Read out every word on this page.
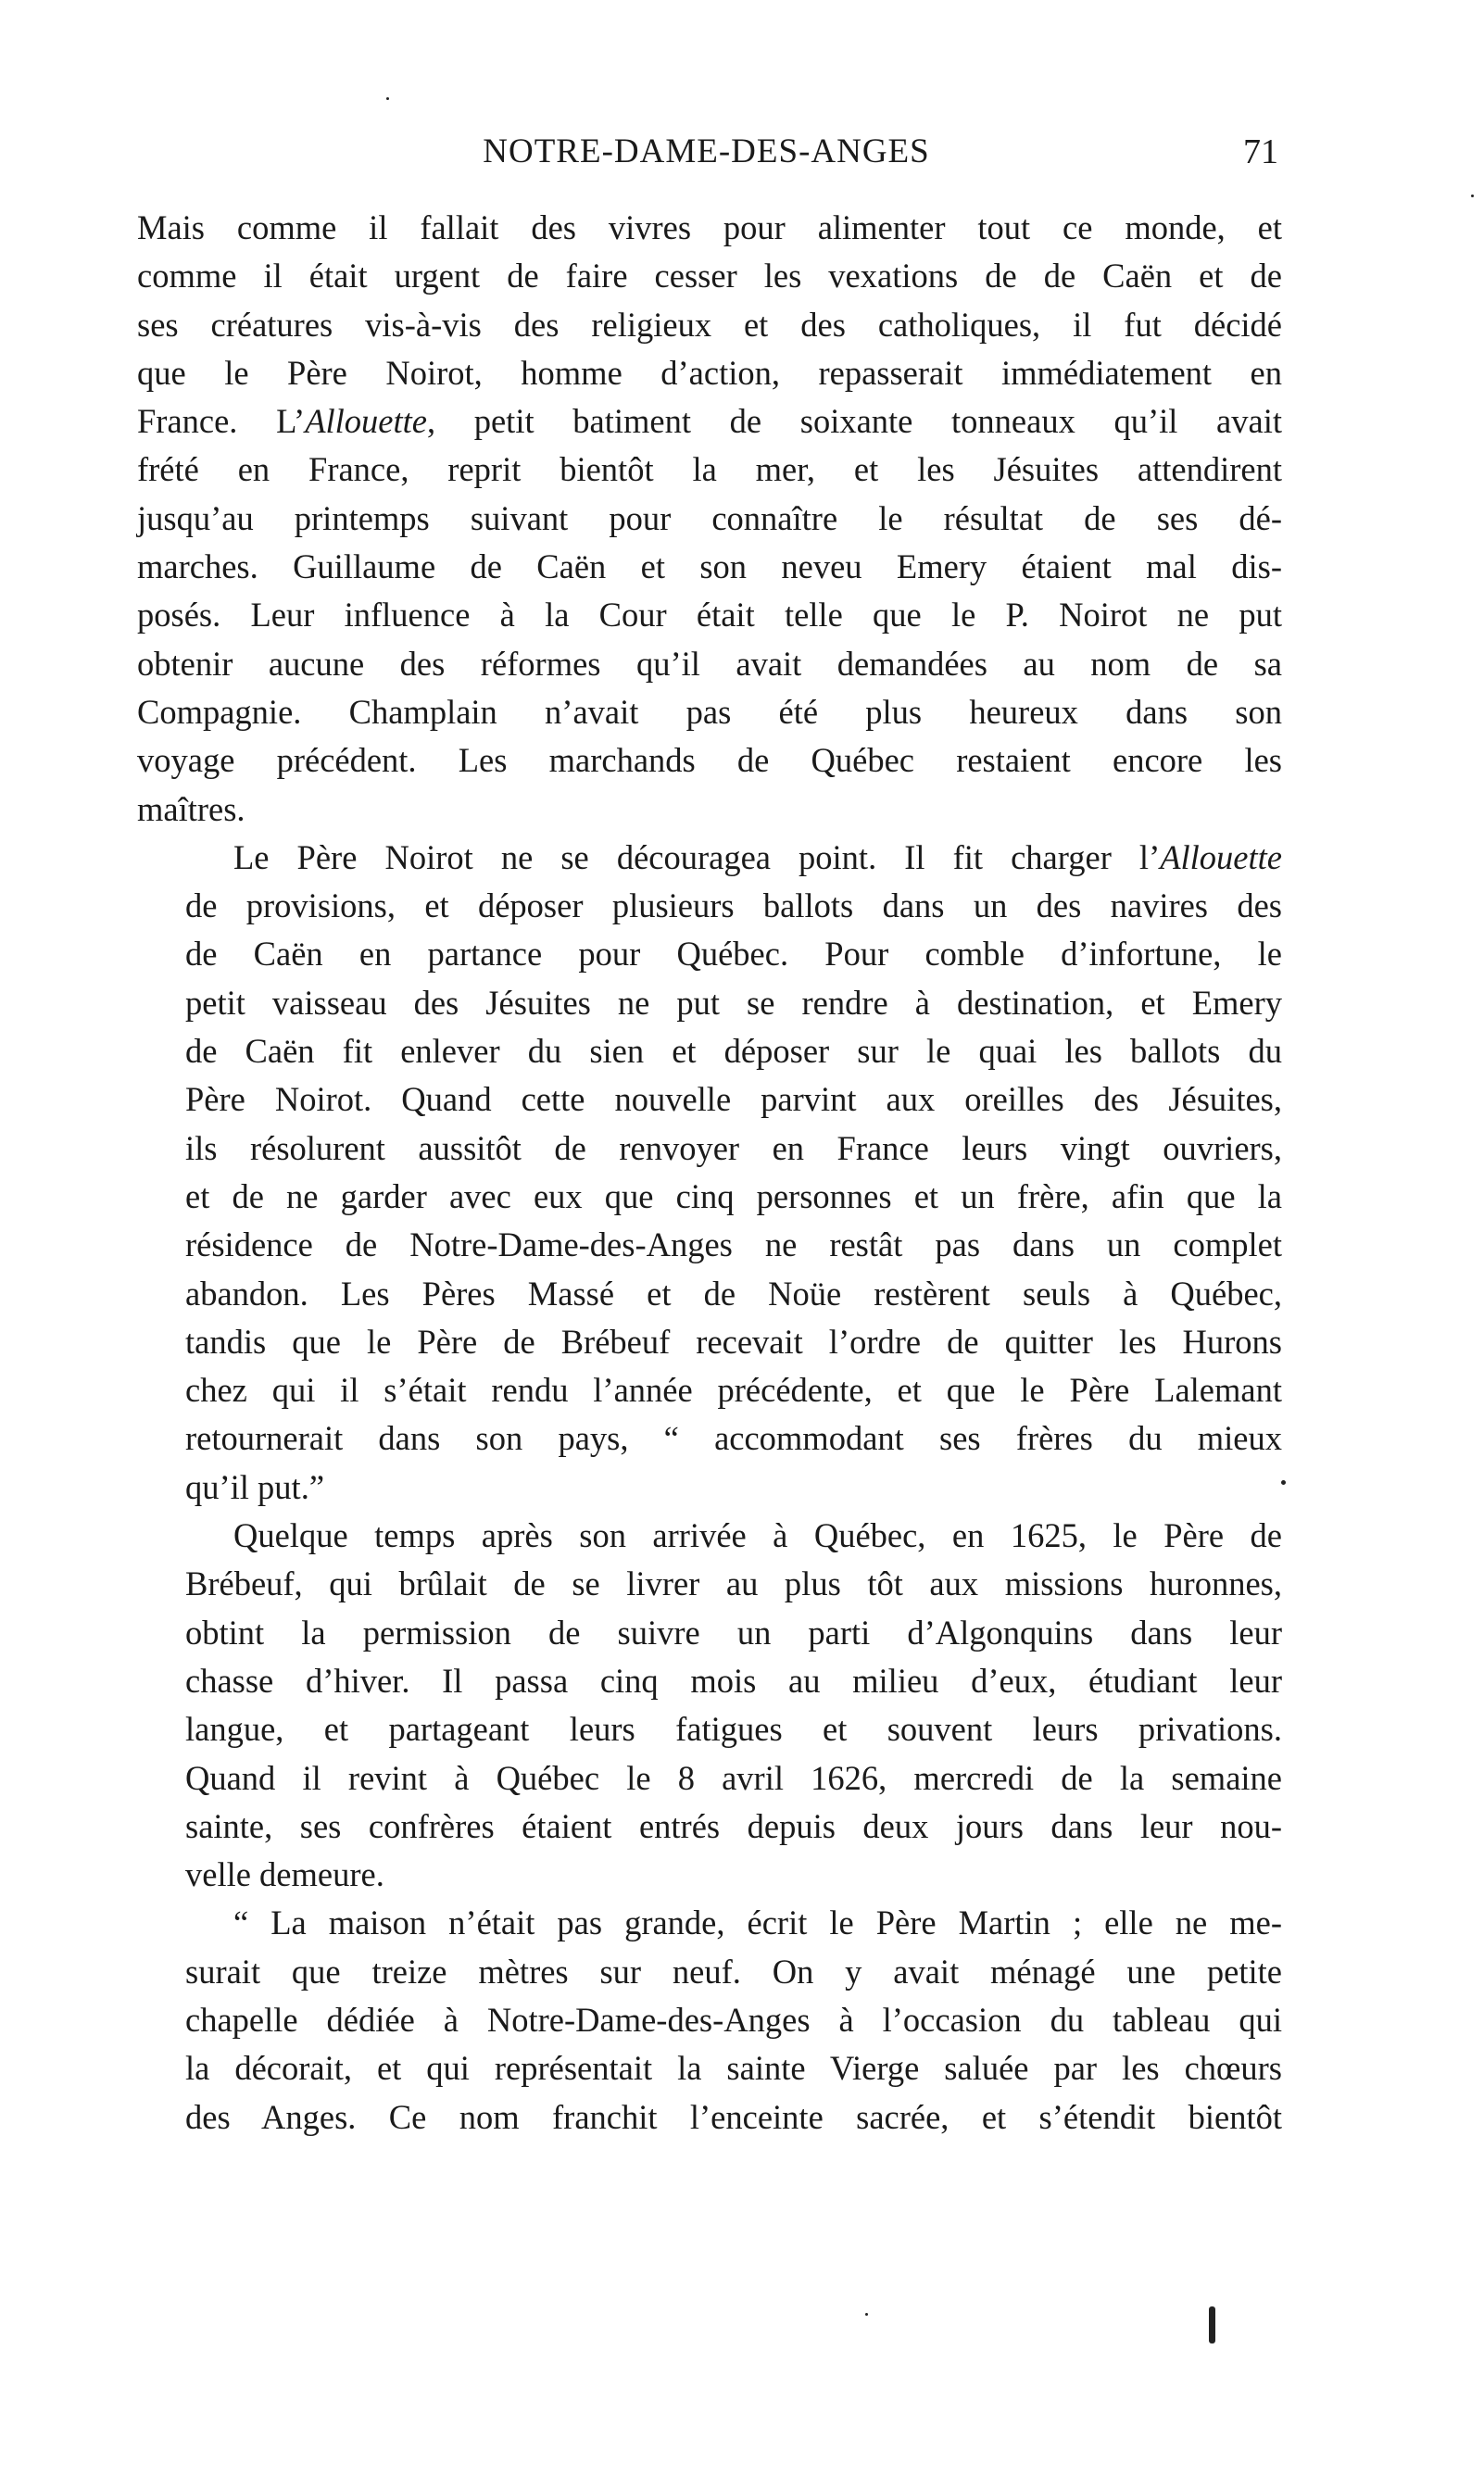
NOTRE-DAME-DES-ANGES	71

Mais comme il fallait des vivres pour alimenter tout ce monde, et
comme il était urgent de faire cesser les vexations de de Caën et de
ses créatures vis-à-vis des religieux et des catholiques, il fut décidé
que le Père Noirot, homme d’action, repasserait immédiatement en
France. L’Allouette, petit batiment de soixante tonneaux qu’il avait
frété en France, reprit bientôt la mer, et les Jésuites attendirent
jusqu’au printemps suivant pour connaître le résultat de ses dé-
marches. Guillaume de Caën et son neveu Emery étaient mal dis-
posés. Leur influence à la Cour était telle que le P. Noirot ne put
obtenir aucune des réformes qu’il avait demandées au nom de sa
Compagnie. Champlain n’avait pas été plus heureux dans son
voyage précédent. Les marchands de Québec restaient encore les
maîtres.

Le Père Noirot ne se découragea point. Il fit charger l’Allouette
de provisions, et déposer plusieurs ballots dans un des navires des
de Caën en partance pour Québec. Pour comble d’infortune, le
petit vaisseau des Jésuites ne put se rendre à destination, et Emery
de Caën fit enlever du sien et déposer sur le quai les ballots du
Père Noirot. Quand cette nouvelle parvint aux oreilles des Jésuites,
ils résolurent aussitôt de renvoyer en France leurs vingt ouvriers,
et de ne garder avec eux que cinq personnes et un frère, afin que la
résidence de Notre-Dame-des-Anges ne restât pas dans un complet
abandon. Les Pères Massé et de Noüe restèrent seuls à Québec,
tandis que le Père de Brébeuf recevait l’ordre de quitter les Hurons
chez qui il s’était rendu l’année précédente, et que le Père Lalemant
retournerait dans son pays, “ accommodant ses frères du mieux
qu’il put.”

Quelque temps après son arrivée à Québec, en 1625, le Père de
Brébeuf, qui brûlait de se livrer au plus tôt aux missions huronnes,
obtint la permission de suivre un parti d’Algonquins dans leur
chasse d’hiver. Il passa cinq mois au milieu d’eux, étudiant leur
langue, et partageant leurs fatigues et souvent leurs privations.
Quand il revint à Québec le 8 avril 1626, mercredi de la semaine
sainte, ses confrères étaient entrés depuis deux jours dans leur nou-
velle demeure.

“ La maison n’était pas grande, écrit le Père Martin ; elle ne me-
surait que treize mètres sur neuf. On y avait ménagé une petite
chapelle dédiée à Notre-Dame-des-Anges à l’occasion du tableau qui
la décorait, et qui représentait la sainte Vierge saluée par les chœurs
des Anges. Ce nom franchit l’enceinte sacrée, et s’étendit bientôt
